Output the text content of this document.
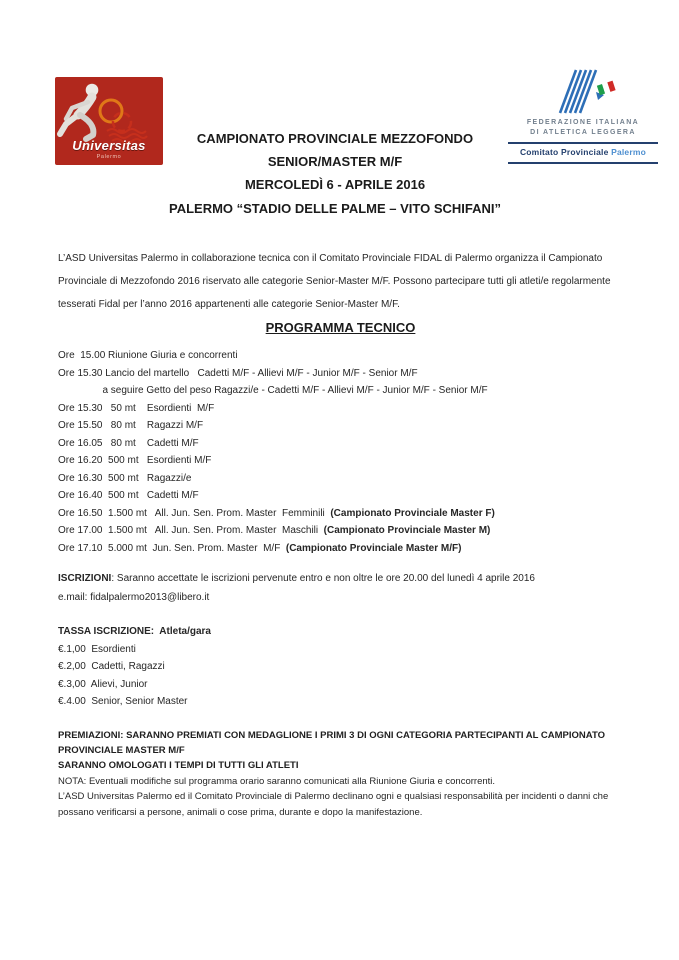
Universitas
Palermo
CAMPIONATO PROVINCIALE MEZZOFONDO
SENIOR/MASTER M/F
MERCOLEDÌ 6 - APRILE 2016
PALERMO “STADIO DELLE PALME – VITO SCHIFANI”
FEDERAZIONE ITALIANA
DI ATLETICA LEGGERA
Comitato Provinciale Palermo

L’ASD Universitas Palermo in collaborazione tecnica con il Comitato Provinciale FIDAL di Palermo organizza il Campionato Provinciale di Mezzofondo 2016 riservato alle categorie Senior-Master M/F. Possono partecipare tutti gli atleti/e regolarmente tesserati Fidal per l’anno 2016 appartenenti alle categorie Senior-Master M/F.

PROGRAMMA TECNICO
Ore  15.00 Riunione Giuria e concorrenti
Ore 15.30 Lancio del martello   Cadetti M/F - Allievi M/F - Junior M/F - Senior M/F
a seguire Getto del peso Ragazzi/e - Cadetti M/F - Allievi M/F - Junior M/F - Senior M/F
Ore 15.30   50 mt    Esordienti  M/F
Ore 15.50   80 mt    Ragazzi M/F
Ore 16.05   80 mt    Cadetti M/F
Ore 16.20  500 mt   Esordienti M/F
Ore 16.30  500 mt   Ragazzi/e
Ore 16.40  500 mt   Cadetti M/F
Ore 16.50  1.500 mt   All. Jun. Sen. Prom. Master  Femminili  (Campionato Provinciale Master F)
Ore 17.00  1.500 mt   All. Jun. Sen. Prom. Master  Maschili  (Campionato Provinciale Master M)
Ore 17.10  5.000 mt  Jun. Sen. Prom. Master  M/F  (Campionato Provinciale Master M/F)

ISCRIZIONI: Saranno accettate le iscrizioni pervenute entro e non oltre le ore 20.00 del lunedì 4 aprile 2016

e.mail: fidalpalermo2013@libero.it

TASSA ISCRIZIONE:  Atleta/gara

€.1,00  Esordienti
€.2,00  Cadetti, Ragazzi
€.3,00  Alievi, Junior
€.4.00  Senior, Senior Master
PREMIAZIONI: SARANNO PREMIATI CON MEDAGLIONE I PRIMI 3 DI OGNI CATEGORIA PARTECIPANTI AL CAMPIONATO PROVINCIALE MASTER M/F
SARANNO OMOLOGATI I TEMPI DI TUTTI GLI ATLETI
NOTA: Eventuali modifiche sul programma orario saranno comunicati alla Riunione Giuria e concorrenti.
L’ASD Universitas Palermo ed il Comitato Provinciale di Palermo declinano ogni e qualsiasi responsabilità per incidenti o danni che possano verificarsi a persone, animali o cose prima, durante e dopo la manifestazione.
